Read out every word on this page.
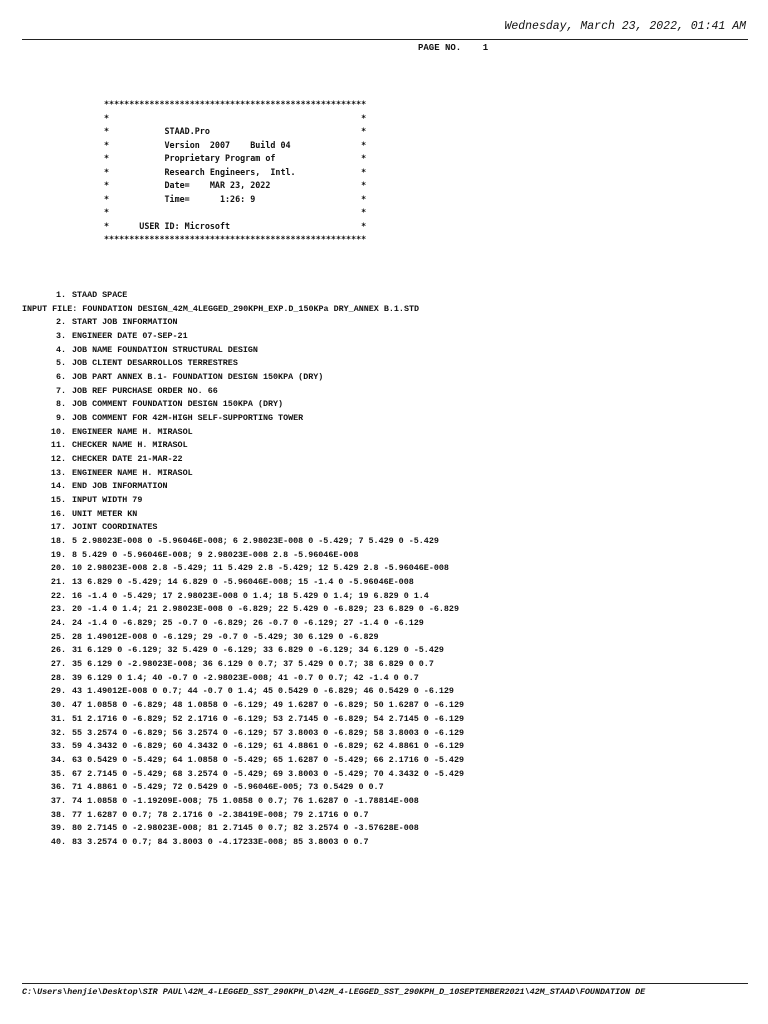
Wednesday, March 23, 2022, 01:41 AM
PAGE NO.    1
****************************************************
*                                                  *
*           STAAD.Pro                              *
*           Version  2007    Build 04              *
*           Proprietary Program of                 *
*           Research Engineers,  Intl.             *
*           Date=    MAR 23, 2022                  *
*           Time=      1:26: 9                     *
*                                                  *
*      USER ID: Microsoft                          *
****************************************************
1. STAAD SPACE
INPUT FILE: FOUNDATION DESIGN_42M_4LEGGED_290KPH_EXP.D_150KPa DRY_ANNEX B.1.STD
2. START JOB INFORMATION
3. ENGINEER DATE 07-SEP-21
4. JOB NAME FOUNDATION STRUCTURAL DESIGN
5. JOB CLIENT DESARROLLOS TERRESTRES
6. JOB PART ANNEX B.1- FOUNDATION DESIGN 150KPA (DRY)
7. JOB REF PURCHASE ORDER NO. 66
8. JOB COMMENT FOUNDATION DESIGN 150KPA (DRY)
9. JOB COMMENT FOR 42M-HIGH SELF-SUPPORTING TOWER
10. ENGINEER NAME H. MIRASOL
11. CHECKER NAME H. MIRASOL
12. CHECKER DATE 21-MAR-22
13. ENGINEER NAME H. MIRASOL
14. END JOB INFORMATION
15. INPUT WIDTH 79
16. UNIT METER KN
17. JOINT COORDINATES
18. 5 2.98023E-008 0 -5.96046E-008; 6 2.98023E-008 0 -5.429; 7 5.429 0 -5.429
19. 8 5.429 0 -5.96046E-008; 9 2.98023E-008 2.8 -5.96046E-008
20. 10 2.98023E-008 2.8 -5.429; 11 5.429 2.8 -5.429; 12 5.429 2.8 -5.96046E-008
21. 13 6.829 0 -5.429; 14 6.829 0 -5.96046E-008; 15 -1.4 0 -5.96046E-008
22. 16 -1.4 0 -5.429; 17 2.98023E-008 0 1.4; 18 5.429 0 1.4; 19 6.829 0 1.4
23. 20 -1.4 0 1.4; 21 2.98023E-008 0 -6.829; 22 5.429 0 -6.829; 23 6.829 0 -6.829
24. 24 -1.4 0 -6.829; 25 -0.7 0 -6.829; 26 -0.7 0 -6.129; 27 -1.4 0 -6.129
25. 28 1.49012E-008 0 -6.129; 29 -0.7 0 -5.429; 30 6.129 0 -6.829
26. 31 6.129 0 -6.129; 32 5.429 0 -6.129; 33 6.829 0 -6.129; 34 6.129 0 -5.429
27. 35 6.129 0 -2.98023E-008; 36 6.129 0 0.7; 37 5.429 0 0.7; 38 6.829 0 0.7
28. 39 6.129 0 1.4; 40 -0.7 0 -2.98023E-008; 41 -0.7 0 0.7; 42 -1.4 0 0.7
29. 43 1.49012E-008 0 0.7; 44 -0.7 0 1.4; 45 0.5429 0 -6.829; 46 0.5429 0 -6.129
30. 47 1.0858 0 -6.829; 48 1.0858 0 -6.129; 49 1.6287 0 -6.829; 50 1.6287 0 -6.129
31. 51 2.1716 0 -6.829; 52 2.1716 0 -6.129; 53 2.7145 0 -6.829; 54 2.7145 0 -6.129
32. 55 3.2574 0 -6.829; 56 3.2574 0 -6.129; 57 3.8003 0 -6.829; 58 3.8003 0 -6.129
33. 59 4.3432 0 -6.829; 60 4.3432 0 -6.129; 61 4.8861 0 -6.829; 62 4.8861 0 -6.129
34. 63 0.5429 0 -5.429; 64 1.0858 0 -5.429; 65 1.6287 0 -5.429; 66 2.1716 0 -5.429
35. 67 2.7145 0 -5.429; 68 3.2574 0 -5.429; 69 3.8003 0 -5.429; 70 4.3432 0 -5.429
36. 71 4.8861 0 -5.429; 72 0.5429 0 -5.96046E-005; 73 0.5429 0 0.7
37. 74 1.0858 0 -1.19209E-008; 75 1.0858 0 0.7; 76 1.6287 0 -1.78814E-008
38. 77 1.6287 0 0.7; 78 2.1716 0 -2.38419E-008; 79 2.1716 0 0.7
39. 80 2.7145 0 -2.98023E-008; 81 2.7145 0 0.7; 82 3.2574 0 -3.57628E-008
40. 83 3.2574 0 0.7; 84 3.8003 0 -4.17233E-008; 85 3.8003 0 0.7
C:\Users\henjie\Desktop\SIR PAUL\42M_4-LEGGED_SST_290KPH_D\42M_4-LEGGED_SST_290KPH_D_10SEPTEMBER2021\42M_STAAD\FOUNDATION DE
